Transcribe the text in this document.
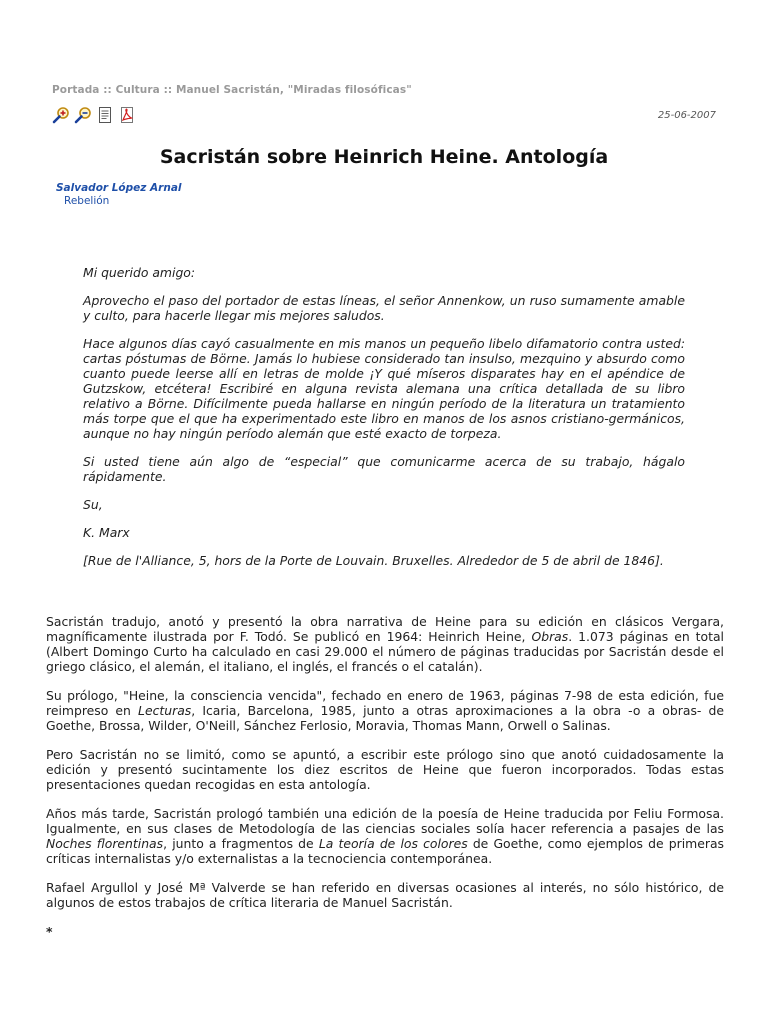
Portada :: Cultura :: Manuel Sacristán, "Miradas filosóficas"
25-06-2007
Sacristán sobre Heinrich Heine. Antología
Salvador López Arnal
Rebelión

Mi querido amigo:

Aprovecho el paso del portador de estas líneas, el señor Annenkow, un ruso sumamente amable y culto, para hacerle llegar mis mejores saludos.

Hace algunos días cayó casualmente en mis manos un pequeño libelo difamatorio contra usted: cartas póstumas de Börne. Jamás lo hubiese considerado tan insulso, mezquino y absurdo como cuanto puede leerse allí en letras de molde ¡Y qué míseros disparates hay en el apéndice de Gutzskow, etcétera! Escribiré en alguna revista alemana una crítica detallada de su libro relativo a Börne. Difícilmente pueda hallarse en ningún período de la literatura un tratamiento más torpe que el que ha experimentado este libro en manos de los asnos cristiano-germánicos, aunque no hay ningún período alemán que esté exacto de torpeza.

Si usted tiene aún algo de “especial” que comunicarme acerca de su trabajo, hágalo rápidamente.

Su,

K. Marx

[Rue de l'Alliance, 5, hors de la Porte de Louvain. Bruxelles. Alrededor de 5 de abril de 1846].

Sacristán tradujo, anotó y presentó la obra narrativa de Heine para su edición en clásicos Vergara, magníficamente ilustrada por F. Todó. Se publicó en 1964: Heinrich Heine, Obras. 1.073 páginas en total (Albert Domingo Curto ha calculado en casi 29.000 el número de páginas traducidas por Sacristán desde el griego clásico, el alemán, el italiano, el inglés, el francés o el catalán).

Su prólogo, "Heine, la consciencia vencida", fechado en enero de 1963, páginas 7-98 de esta edición, fue reimpreso en Lecturas, Icaria, Barcelona, 1985, junto a otras aproximaciones a la obra -o a obras- de Goethe, Brossa, Wilder, O'Neill, Sánchez Ferlosio, Moravia, Thomas Mann, Orwell o Salinas.

Pero Sacristán no se limitó, como se apuntó, a escribir este prólogo sino que anotó cuidadosamente la edición y presentó sucintamente los diez escritos de Heine que fueron incorporados. Todas estas presentaciones quedan recogidas en esta antología.

Años más tarde, Sacristán prologó también una edición de la poesía de Heine traducida por Feliu Formosa. Igualmente, en sus clases de Metodología de las ciencias sociales solía hacer referencia a pasajes de las Noches florentinas, junto a fragmentos de La teoría de los colores de Goethe, como ejemplos de primeras críticas internalistas y/o externalistas a la tecnociencia contemporánea.

Rafael Argullol y José Mª Valverde se han referido en diversas ocasiones al interés, no sólo histórico, de algunos de estos trabajos de crítica literaria de Manuel Sacristán.

*
